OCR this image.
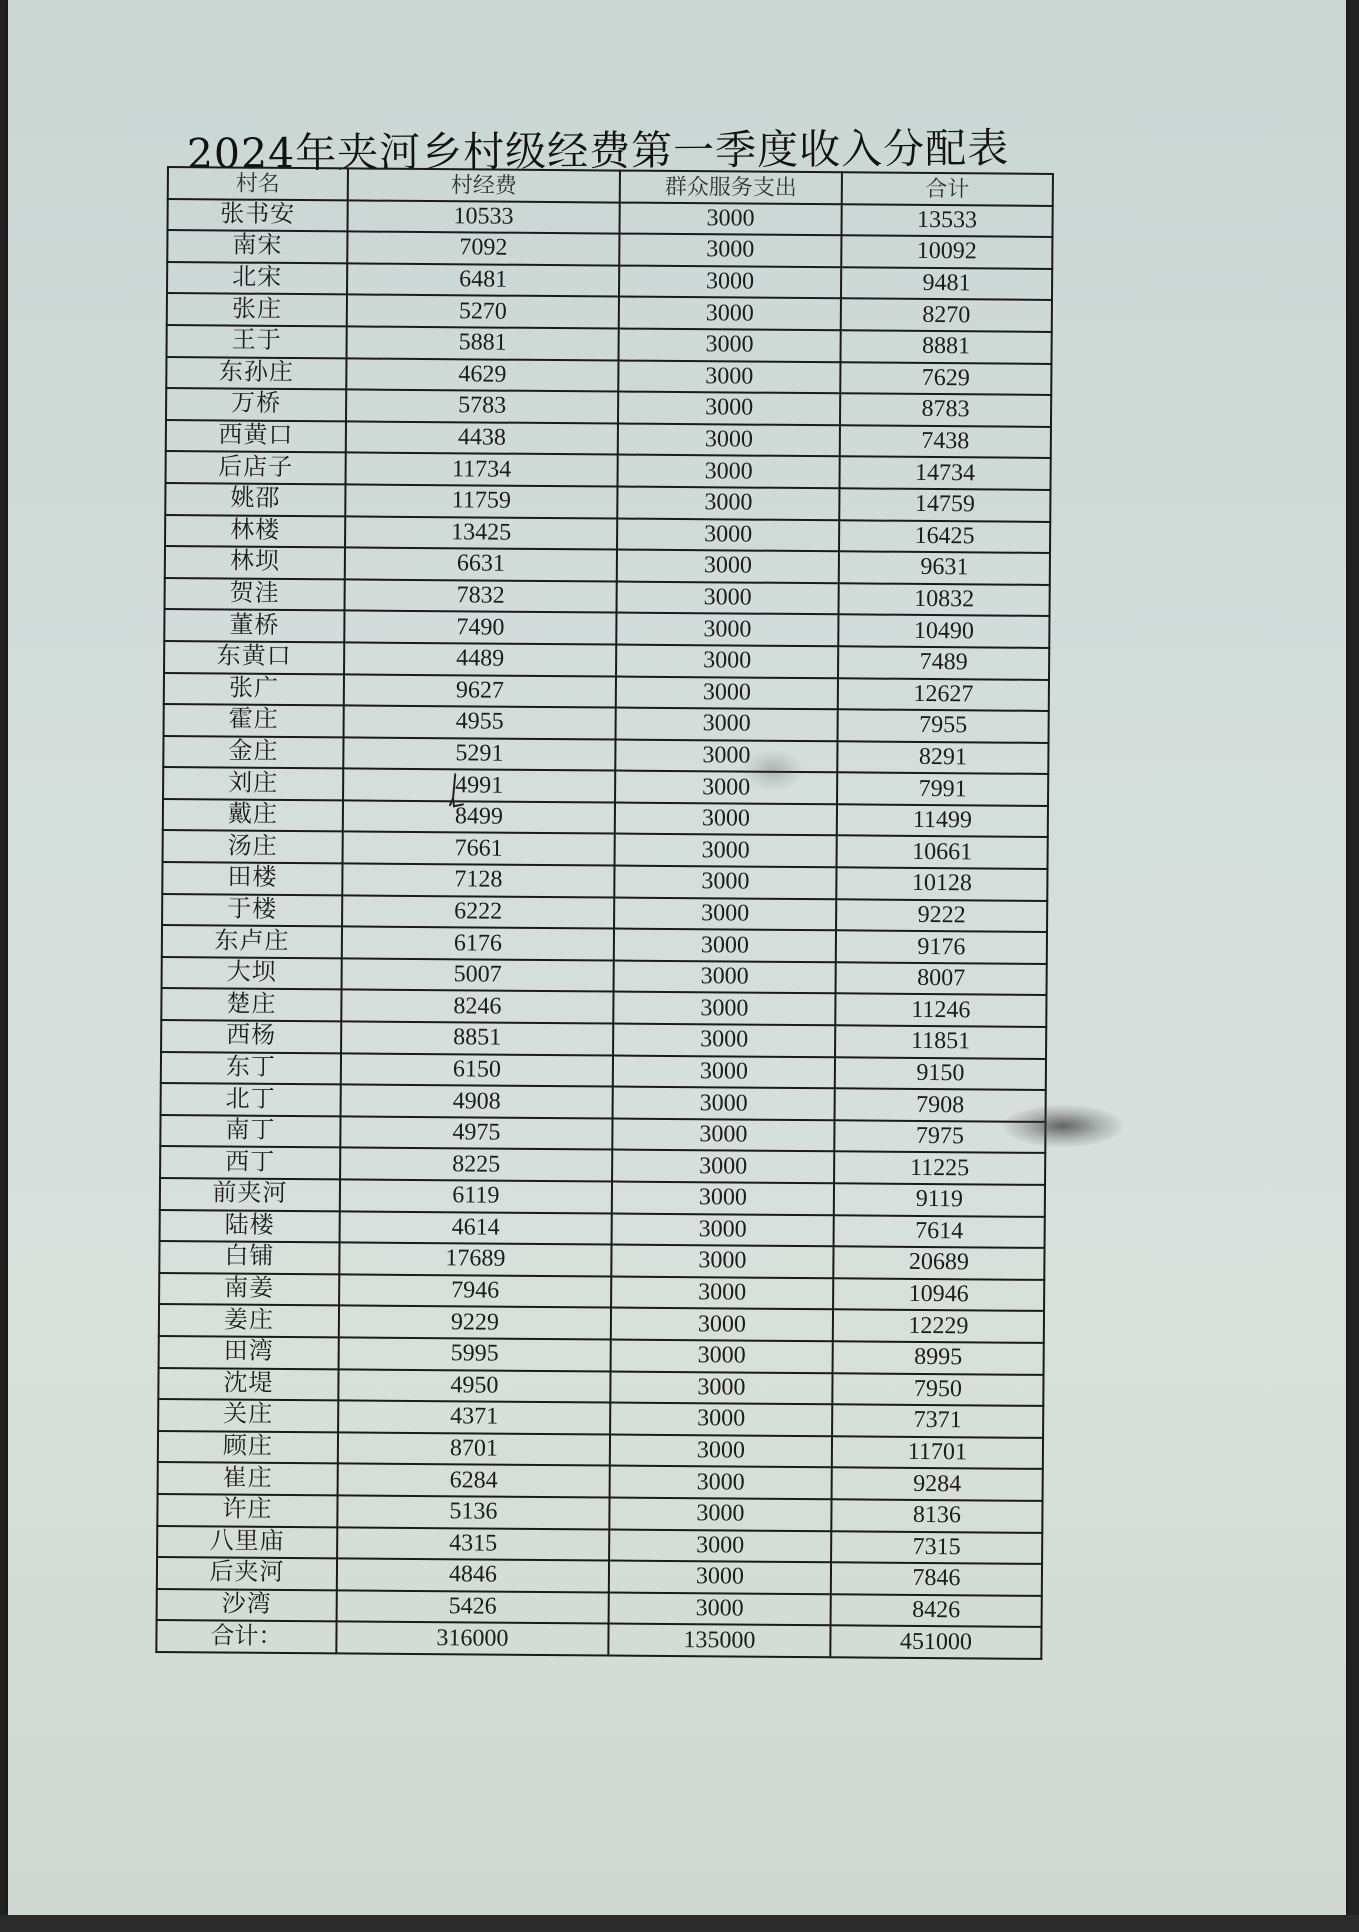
2024年夹河乡村级经费第一季度收入分配表
村名	村经费	群众服务支出	合计
张书安	10533	3000	13533
南宋	7092	3000	10092
北宋	6481	3000	9481
张庄	5270	3000	8270
王于	5881	3000	8881
东孙庄	4629	3000	7629
万桥	5783	3000	8783
西黄口	4438	3000	7438
后店子	11734	3000	14734
姚邵	11759	3000	14759
林楼	13425	3000	16425
林坝	6631	3000	9631
贺洼	7832	3000	10832
董桥	7490	3000	10490
东黄口	4489	3000	7489
张广	9627	3000	12627
霍庄	4955	3000	7955
金庄	5291	3000	8291
刘庄	4991	3000	7991
戴庄	8499	3000	11499
汤庄	7661	3000	10661
田楼	7128	3000	10128
于楼	6222	3000	9222
东卢庄	6176	3000	9176
大坝	5007	3000	8007
楚庄	8246	3000	11246
西杨	8851	3000	11851
东丁	6150	3000	9150
北丁	4908	3000	7908
南丁	4975	3000	7975
西丁	8225	3000	11225
前夹河	6119	3000	9119
陆楼	4614	3000	7614
白铺	17689	3000	20689
南姜	7946	3000	10946
姜庄	9229	3000	12229
田湾	5995	3000	8995
沈堤	4950	3000	7950
关庄	4371	3000	7371
顾庄	8701	3000	11701
崔庄	6284	3000	9284
许庄	5136	3000	8136
八里庙	4315	3000	7315
后夹河	4846	3000	7846
沙湾	5426	3000	8426
合计：	316000	135000	451000
